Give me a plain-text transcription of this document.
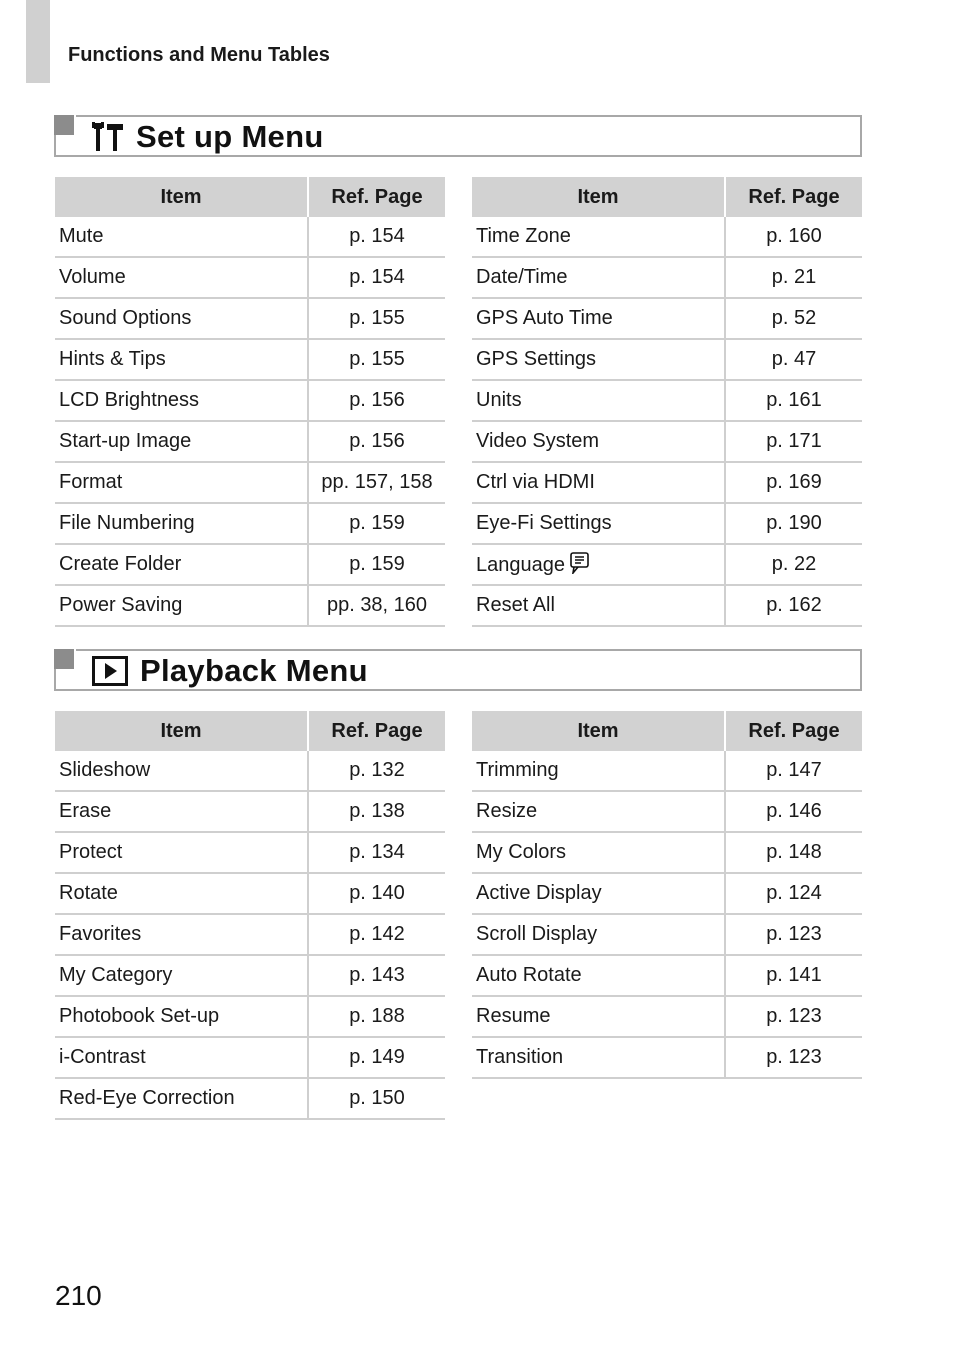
Functions and Menu Tables
Set up Menu
Item	Ref. Page
Mute	p. 154
Volume	p. 154
Sound Options	p. 155
Hints & Tips	p. 155
LCD Brightness	p. 156
Start-up Image	p. 156
Format	pp. 157, 158
File Numbering	p. 159
Create Folder	p. 159
Power Saving	pp. 38, 160
Item	Ref. Page
Time Zone	p. 160
Date/Time	p. 21
GPS Auto Time	p. 52
GPS Settings	p. 47
Units	p. 161
Video System	p. 171
Ctrl via HDMI	p. 169
Eye-Fi Settings	p. 190
Language	p. 22
Reset All	p. 162
Playback Menu
Item	Ref. Page
Slideshow	p. 132
Erase	p. 138
Protect	p. 134
Rotate	p. 140
Favorites	p. 142
My Category	p. 143
Photobook Set-up	p. 188
i-Contrast	p. 149
Red-Eye Correction	p. 150
Item	Ref. Page
Trimming	p. 147
Resize	p. 146
My Colors	p. 148
Active Display	p. 124
Scroll Display	p. 123
Auto Rotate	p. 141
Resume	p. 123
Transition	p. 123
210
